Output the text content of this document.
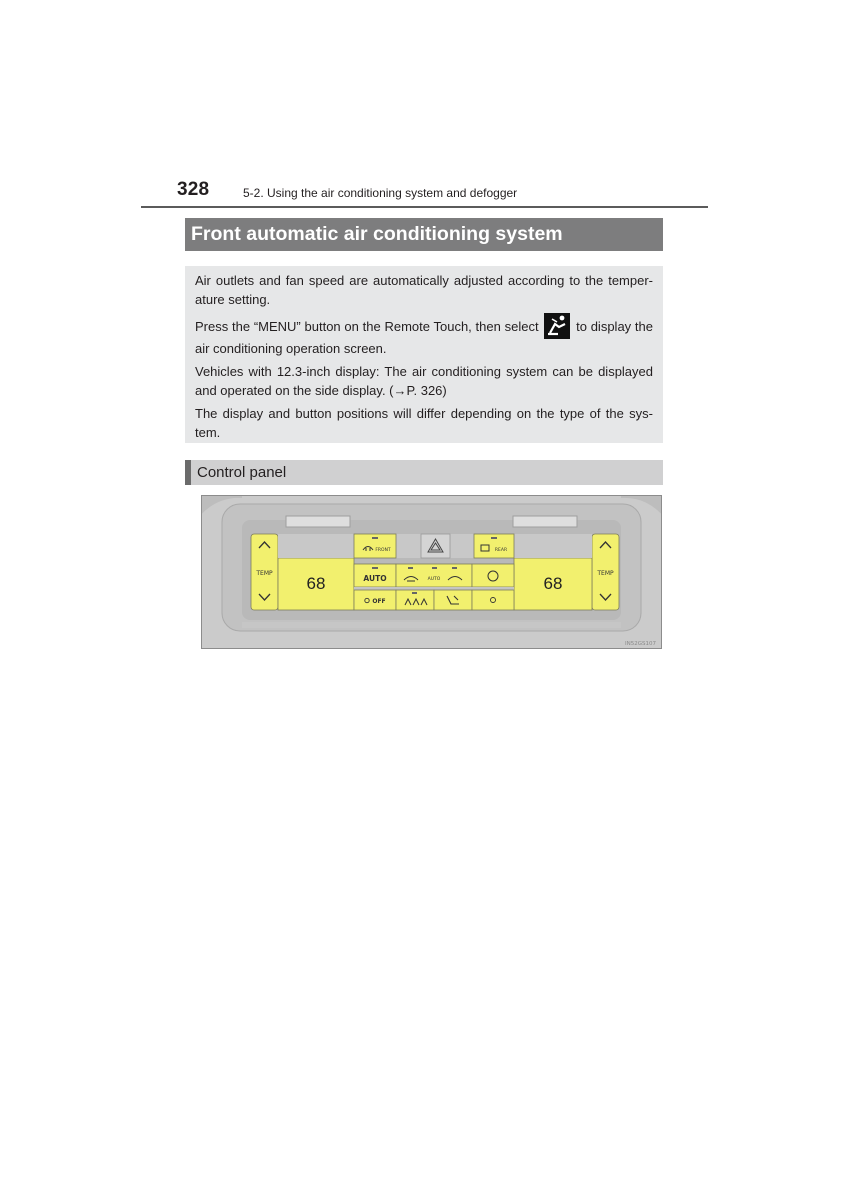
328	5-2. Using the air conditioning system and defogger
Front automatic air conditioning system

Air outlets and fan speed are automatically adjusted according to the temper-ature setting.

Press the “MENU” button on the Remote Touch, then select	to display the air conditioning operation screen.

Vehicles with 12.3-inch display: The air conditioning system can be displayed and operated on the side display. (→P. 326)

The display and button positions will differ depending on the type of the sys-tem.

Control panel
TEMP	TEMP
68	68
FRONT	REAR
AUTO	AUTO
OFF
IN52GS107
